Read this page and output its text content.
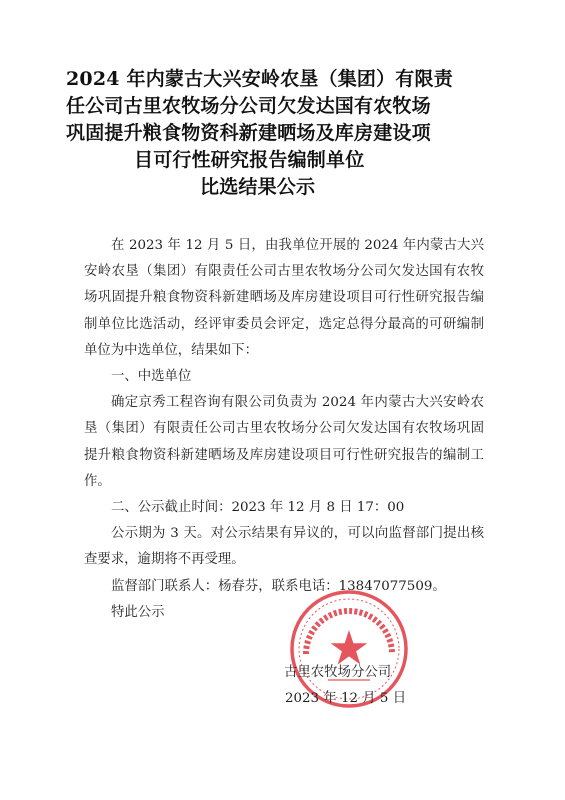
2024 年内蒙古大兴安岭农垦（集团）有限责
任公司古里农牧场分公司欠发达国有农牧场
巩固提升粮食物资科新建晒场及库房建设项
目可行性研究报告编制单位
比选结果公示

在 2023 年 12 月 5 日，由我单位开展的 2024 年内蒙古大兴安岭农垦（集团）有限责任公司古里农牧场分公司欠发达国有农牧场巩固提升粮食物资科新建晒场及库房建设项目可行性研究报告编制单位比选活动，经评审委员会评定，选定总得分最高的可研编制单位为中选单位，结果如下：

一、中选单位

确定京秀工程咨询有限公司负责为 2024 年内蒙古大兴安岭农垦（集团）有限责任公司古里农牧场分公司欠发达国有农牧场巩固提升粮食物资科新建晒场及库房建设项目可行性研究报告的编制工作。

二、公示截止时间：2023 年 12 月 8 日 17：00

公示期为 3 天。对公示结果有异议的，可以向监督部门提出核查要求，逾期将不再受理。

监督部门联系人：杨春芬，联系电话：13847077509。

特此公示

古里农牧场分公司
2023 年 12 月 5 日
